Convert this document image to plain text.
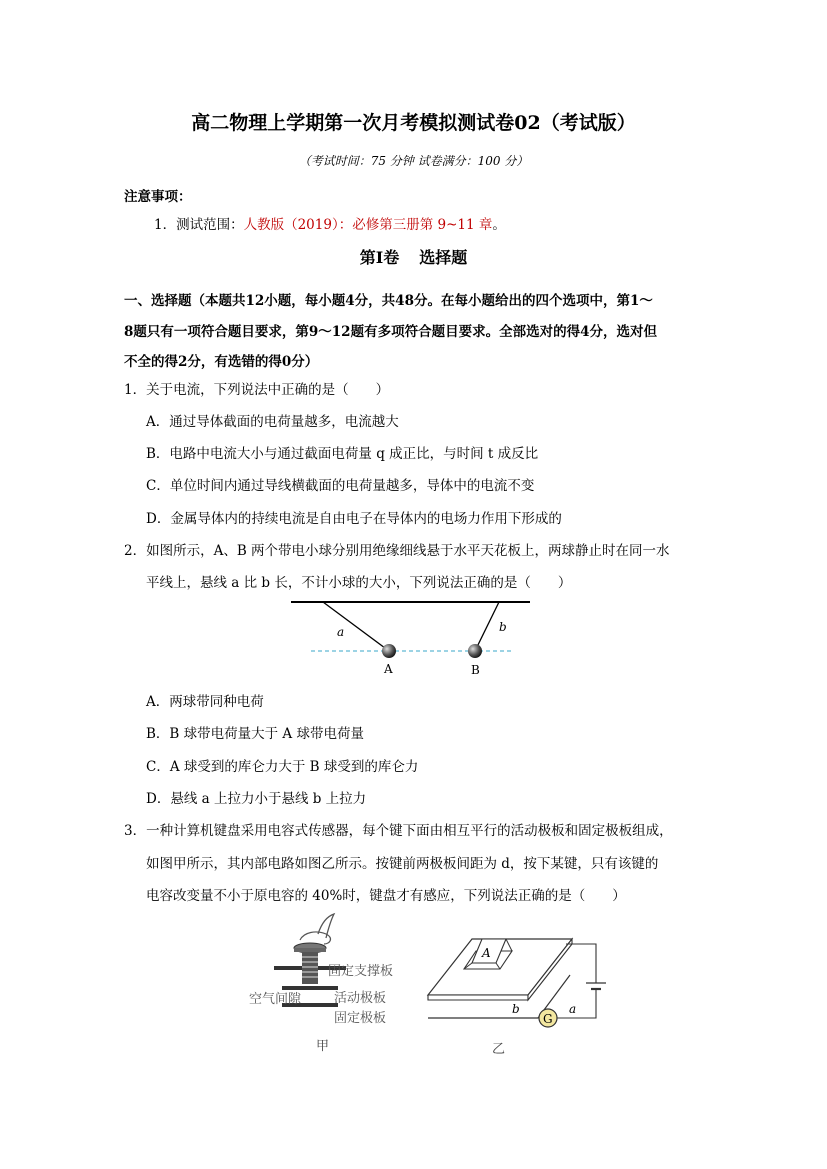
高二物理上学期第一次月考模拟测试卷02（考试版）
（考试时间：75 分钟 试卷满分：100 分）
注意事项：
1．测试范围：人教版（2019）：必修第三册第 9~11 章。
第Ⅰ卷 选择题
一、选择题（本题共12小题，每小题4分，共48分。在每小题给出的四个选项中，第1～
8题只有一项符合题目要求，第9～12题有多项符合题目要求。全部选对的得4分，选对但
不全的得2分，有选错的得0分）
1．关于电流，下列说法中正确的是（　　）
A．通过导体截面的电荷量越多，电流越大
B．电路中电流大小与通过截面电荷量 q 成正比，与时间 t 成反比
C．单位时间内通过导线横截面的电荷量越多，导体中的电流不变
D．金属导体内的持续电流是自由电子在导体内的电场力作用下形成的
2．如图所示，A、B 两个带电小球分别用绝缘细线悬于水平天花板上，两球静止时在同一水
平线上，悬线 a 比 b 长，不计小球的大小，下列说法正确的是（　　）
a	b
A	B
A．两球带同种电荷
B．B 球带电荷量大于 A 球带电荷量
C．A 球受到的库仑力大于 B 球受到的库仑力
D．悬线 a 上拉力小于悬线 b 上拉力
3．一种计算机键盘采用电容式传感器，每个键下面由相互平行的活动极板和固定极板组成，
如图甲所示，其内部电路如图乙所示。按键前两极板间距为 d，按下某键，只有该键的
电容改变量不小于原电容的 40%时，键盘才有感应，下列说法正确的是（　　）
固定支撑板
空气间隙	活动极板
固定极板
甲
A
G
b	a
乙
